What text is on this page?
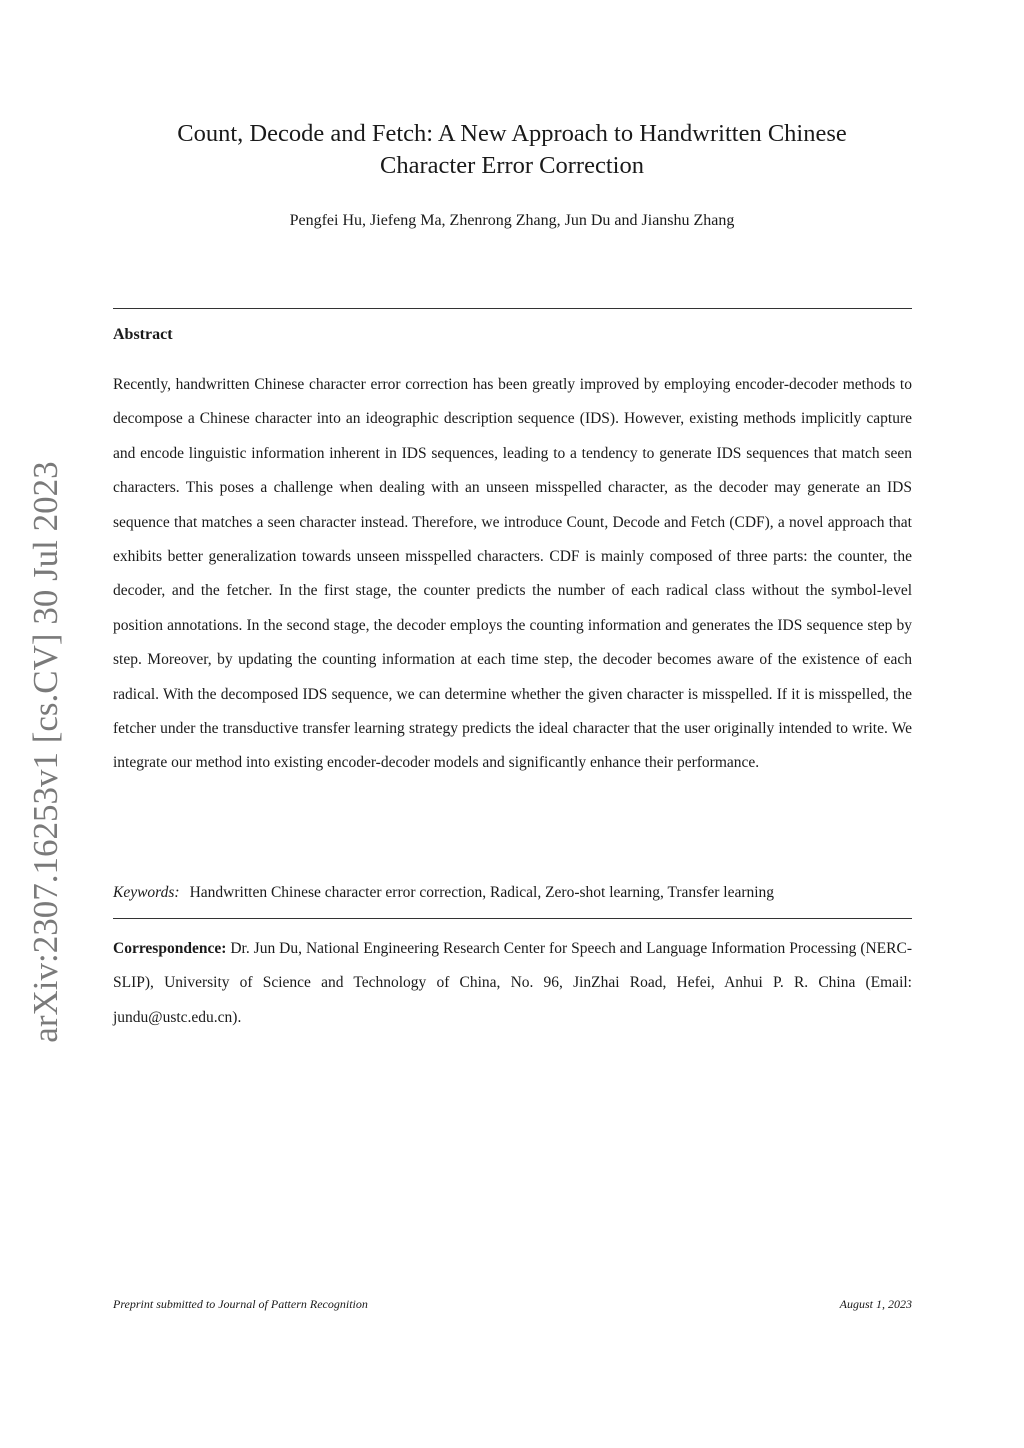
arXiv:2307.16253v1 [cs.CV] 30 Jul 2023
Count, Decode and Fetch: A New Approach to Handwritten Chinese
Character Error Correction
Pengfei Hu, Jiefeng Ma, Zhenrong Zhang, Jun Du and Jianshu Zhang
Abstract

Recently, handwritten Chinese character error correction has been greatly improved by employing encoder-decoder methods to decompose a Chinese character into an ideographic description sequence (IDS). However, existing methods implicitly capture and encode linguistic information inherent in IDS sequences, leading to a tendency to generate IDS sequences that match seen characters. This poses a challenge when dealing with an unseen misspelled character, as the decoder may generate an IDS sequence that matches a seen character instead. Therefore, we introduce Count, Decode and Fetch (CDF), a novel approach that exhibits better generalization towards unseen misspelled characters. CDF is mainly composed of three parts: the counter, the decoder, and the fetcher. In the first stage, the counter predicts the number of each radical class without the symbol-level position annotations. In the second stage, the decoder employs the counting information and generates the IDS sequence step by step. Moreover, by updating the counting information at each time step, the decoder becomes aware of the existence of each radical. With the decomposed IDS sequence, we can determine whether the given character is misspelled. If it is misspelled, the fetcher under the transductive transfer learning strategy predicts the ideal character that the user originally intended to write. We integrate our method into existing encoder-decoder models and significantly enhance their performance.

Keywords: Handwritten Chinese character error correction, Radical, Zero-shot learning, Transfer learning

Correspondence: Dr. Jun Du, National Engineering Research Center for Speech and Language Information Processing (NERC-SLIP), University of Science and Technology of China, No. 96, JinZhai Road, Hefei, Anhui P. R. China (Email: jundu@ustc.edu.cn).

Preprint submitted to Journal of Pattern Recognition	August 1, 2023
